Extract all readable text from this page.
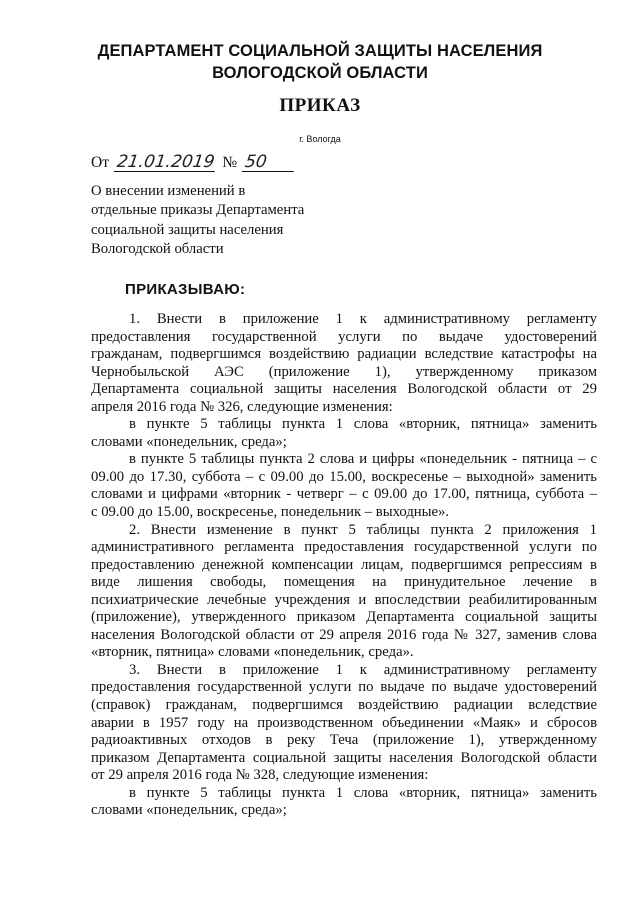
ДЕПАРТАМЕНТ СОЦИАЛЬНОЙ ЗАЩИТЫ НАСЕЛЕНИЯ
ВОЛОГОДСКОЙ ОБЛАСТИ
ПРИКАЗ
г. Вологда
От 21.01.2019 № 50
О внесении изменений в
отдельные приказы Департамента
социальной защиты населения
Вологодской области
ПРИКАЗЫВАЮ:
1. Внести в приложение 1 к административному регламенту
предоставления государственной услуги по выдаче удостоверений
гражданам, подвергшимся воздействию радиации вследствие катастрофы на
Чернобыльской АЭС (приложение 1), утвержденному приказом
Департамента социальной защиты населения Вологодской области от 29
апреля 2016 года № 326, следующие изменения:
в пункте 5 таблицы пункта 1 слова «вторник, пятница» заменить
словами «понедельник, среда»;
в пункте 5 таблицы пункта 2 слова и цифры «понедельник - пятница – с
09.00 до 17.30, суббота – с 09.00 до 15.00, воскресенье – выходной» заменить
словами и цифрами «вторник - четверг – с 09.00 до 17.00, пятница, суббота –
с 09.00 до 15.00, воскресенье, понедельник – выходные».
2. Внести изменение в пункт 5 таблицы пункта 2 приложения 1
административного регламента предоставления государственной услуги по
предоставлению денежной компенсации лицам, подвергшимся репрессиям в
виде лишения свободы, помещения на принудительное лечение в
психиатрические лечебные учреждения и впоследствии реабилитированным
(приложение), утвержденного приказом Департамента социальной защиты
населения Вологодской области от 29 апреля 2016 года № 327, заменив слова
«вторник, пятница» словами «понедельник, среда».
3. Внести в приложение 1 к административному регламенту
предоставления государственной услуги по выдаче по выдаче удостоверений
(справок) гражданам, подвергшимся воздействию радиации вследствие
аварии в 1957 году на производственном объединении «Маяк» и сбросов
радиоактивных отходов в реку Теча (приложение 1), утвержденному
приказом Департамента социальной защиты населения Вологодской области
от 29 апреля 2016 года № 328, следующие изменения:
в пункте 5 таблицы пункта 1 слова «вторник, пятница» заменить
словами «понедельник, среда»;
